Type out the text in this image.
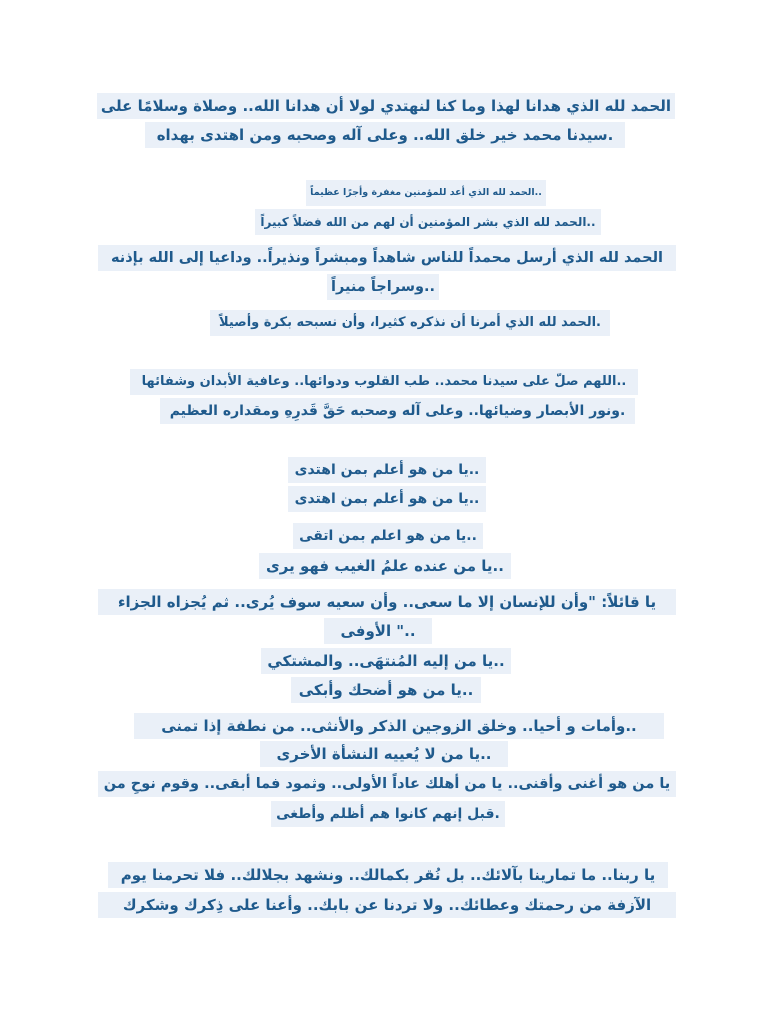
الحمد لله الذي هدانا لهذا وما كنا لنهتدي لولا أن هدانا الله.. وصلاة وسلامًا على
.سيدنا محمد خير خلق الله.. وعلى آله وصحبه ومن اهتدى بهداه
..الحمد لله الذي أعد للمؤمنين مغفرة وأجرًا عظيماً
..الحمد لله الذي بشر المؤمنين أن لهم من الله فضلاً كبيراً
الحمد لله الذي أرسل محمداً للناس شاهداً ومبشراً ونذيراً.. وداعيا إلى الله بإذنه
..وسراجاً منيراً
.الحمد لله الذي أمرنا أن نذكره كثيرا، وأن نسبحه بكرة وأصيلاً
..اللهم صلّ على سيدنا محمد.. طب القلوب ودوائها.. وعافية الأبدان وشفائها
.ونور الأبصار وضيائها.. وعلى آله وصحبه حَقَّ قَدرِهِ ومقداره العظيم
..يا من هو أعلم بمن اهتدى
..يا من هو أعلم بمن اهتدى
..يا من هو اعلم بمن اتقى
..يا من عنده علمُ الغيب فهو يرى
يا قائلاً: "وأن للإنسان إلا ما سعى.. وأن سعيه سوف يُرى.. ثم يُجزاه الجزاء
.." الأوفى
..يا من إليه المُنتهَى.. والمشتكي
..يا من هو أضحك وأبكى
..وأمات و أحيا.. وخلق الزوجين الذكر والأنثى.. من نطفة إذا تمنى
..يا من لا يُعييه النشأة الأخرى
يا من هو أغنى وأقنى.. يا من أهلك عاداً الأولى.. وثمود فما أبقى.. وقوم نوحِ من
.قبل إنهم كانوا هم أظلم وأطغى
يا ربنا.. ما تمارينا بآلائك.. بل نُقر بكمالك.. ونشهد بجلالك.. فلا تحرمنا يوم
الآزفة من رحمتك وعطائك.. ولا تردنا عن بابك.. وأعنا على ذِكرك وشكرك
